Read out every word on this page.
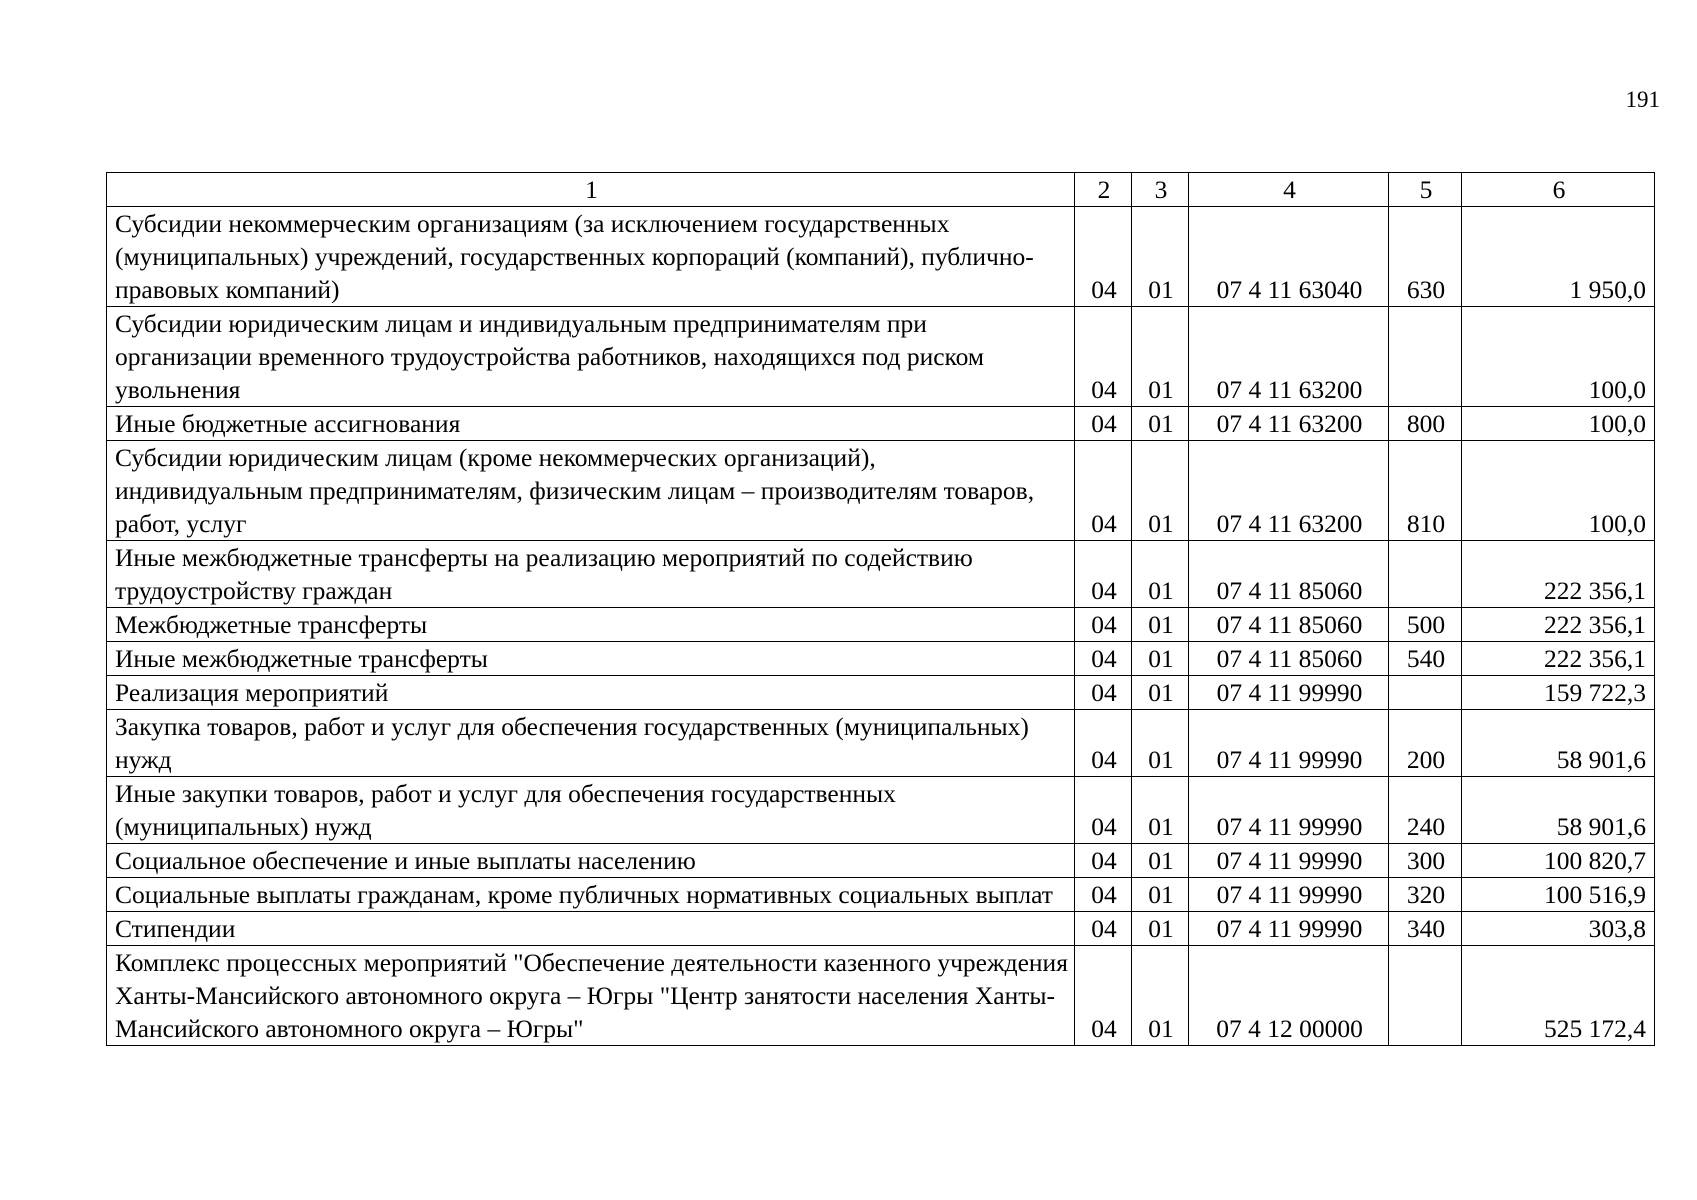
191
1	2	3	4	5	6
Субсидии некоммерческим организациям (за исключением государственных (муниципальных) учреждений, государственных корпораций (компаний), публично-правовых компаний)	04	01	07 4 11 63040	630	1 950,0
Субсидии юридическим лицам и индивидуальным предпринимателям при организации временного трудоустройства работников, находящихся под риском увольнения	04	01	07 4 11 63200		100,0
Иные бюджетные ассигнования	04	01	07 4 11 63200	800	100,0
Субсидии юридическим лицам (кроме некоммерческих организаций), индивидуальным предпринимателям, физическим лицам – производителям товаров, работ, услуг	04	01	07 4 11 63200	810	100,0
Иные межбюджетные трансферты на реализацию мероприятий по содействию трудоустройству граждан	04	01	07 4 11 85060		222 356,1
Межбюджетные трансферты	04	01	07 4 11 85060	500	222 356,1
Иные межбюджетные трансферты	04	01	07 4 11 85060	540	222 356,1
Реализация мероприятий	04	01	07 4 11 99990		159 722,3
Закупка товаров, работ и услуг для обеспечения государственных (муниципальных) нужд	04	01	07 4 11 99990	200	58 901,6
Иные закупки товаров, работ и услуг для обеспечения государственных (муниципальных) нужд	04	01	07 4 11 99990	240	58 901,6
Социальное обеспечение и иные выплаты населению	04	01	07 4 11 99990	300	100 820,7
Социальные выплаты гражданам, кроме публичных нормативных социальных выплат	04	01	07 4 11 99990	320	100 516,9
Стипендии	04	01	07 4 11 99990	340	303,8
Комплекс процессных мероприятий "Обеспечение деятельности казенного учреждения Ханты-Мансийского автономного округа – Югры "Центр занятости населения Ханты-Мансийского автономного округа – Югры"	04	01	07 4 12 00000		525 172,4
